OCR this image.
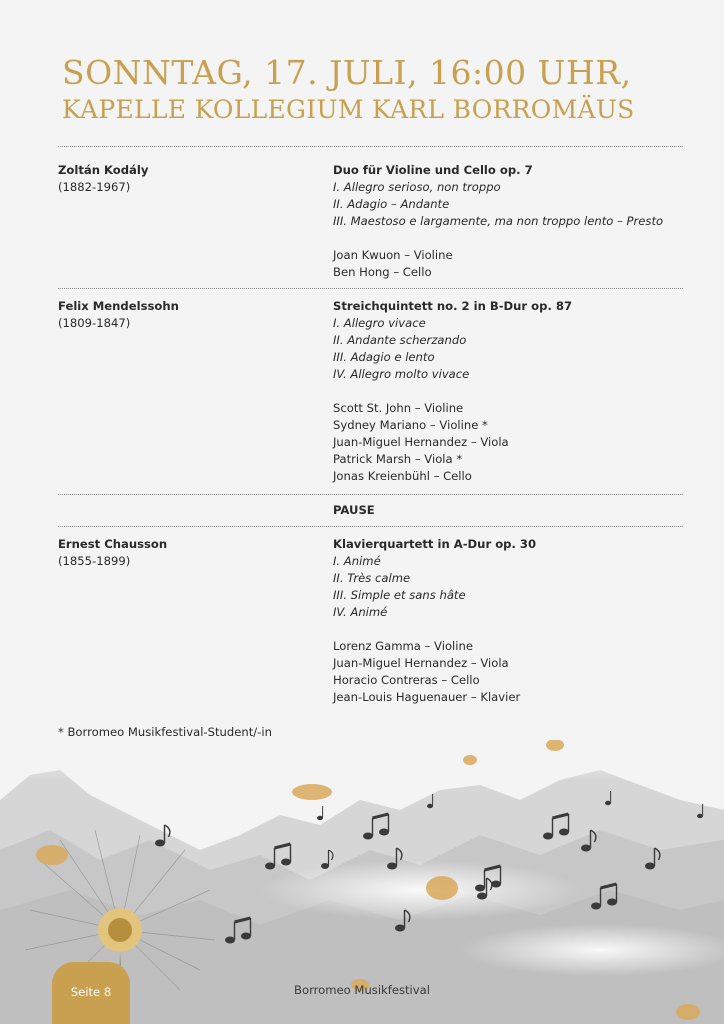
SONNTAG, 17. JULI, 16:00 UHR,
KAPELLE KOLLEGIUM KARL BORROMÄUS
Zoltán Kodály
(1882-1967)
Duo für Violine und Cello op. 7
I. Allegro serioso, non troppo
II. Adagio – Andante
III. Maestoso e largamente, ma non troppo lento – Presto
Joan Kwuon – Violine
Ben Hong – Cello
Felix Mendelssohn
(1809-1847)
Streichquintett no. 2 in B-Dur op. 87
I. Allegro vivace
II. Andante scherzando
III. Adagio e lento
IV. Allegro molto vivace
Scott St. John – Violine
Sydney Mariano – Violine *
Juan-Miguel Hernandez – Viola
Patrick Marsh – Viola *
Jonas Kreienbühl – Cello
PAUSE
Ernest Chausson
(1855-1899)
Klavierquartett in A-Dur op. 30
I. Animé
II. Très calme
III. Simple et sans hâte
IV. Animé
Lorenz Gamma – Violine
Juan-Miguel Hernandez – Viola
Horacio Contreras – Cello
Jean-Louis Haguenauer – Klavier
* Borromeo Musikfestival-Student/-in
Seite 8	Borromeo Musikfestival
